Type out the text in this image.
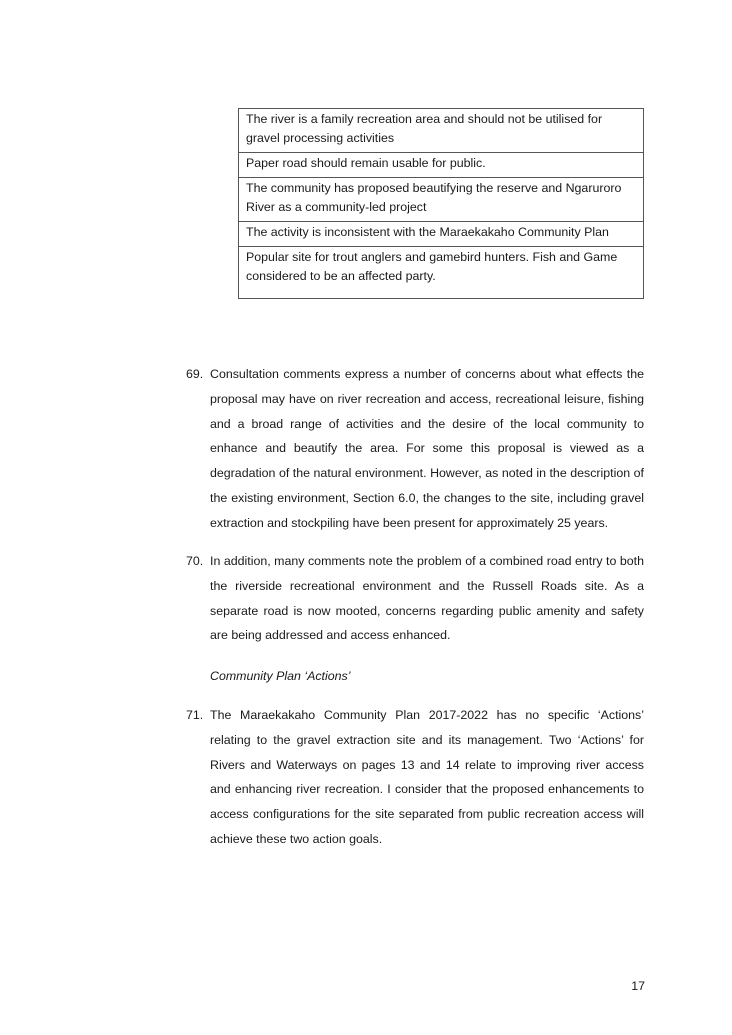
The river is a family recreation area and should not be utilised for gravel processing activities
Paper road should remain usable for public.
The community has proposed beautifying the reserve and Ngaruroro River as a community-led project
The activity is inconsistent with the Maraekakaho Community Plan
Popular site for trout anglers and gamebird hunters. Fish and Game considered to be an affected party.
69. Consultation comments express a number of concerns about what effects the proposal may have on river recreation and access, recreational leisure, fishing and a broad range of activities and the desire of the local community to enhance and beautify the area. For some this proposal is viewed as a degradation of the natural environment. However, as noted in the description of the existing environment, Section 6.0, the changes to the site, including gravel extraction and stockpiling have been present for approximately 25 years.
70. In addition, many comments note the problem of a combined road entry to both the riverside recreational environment and the Russell Roads site. As a separate road is now mooted, concerns regarding public amenity and safety are being addressed and access enhanced.
Community Plan ‘Actions’
71. The Maraekakaho Community Plan 2017-2022 has no specific ‘Actions’ relating to the gravel extraction site and its management. Two ‘Actions’ for Rivers and Waterways on pages 13 and 14 relate to improving river access and enhancing river recreation. I consider that the proposed enhancements to access configurations for the site separated from public recreation access will achieve these two action goals.
17
